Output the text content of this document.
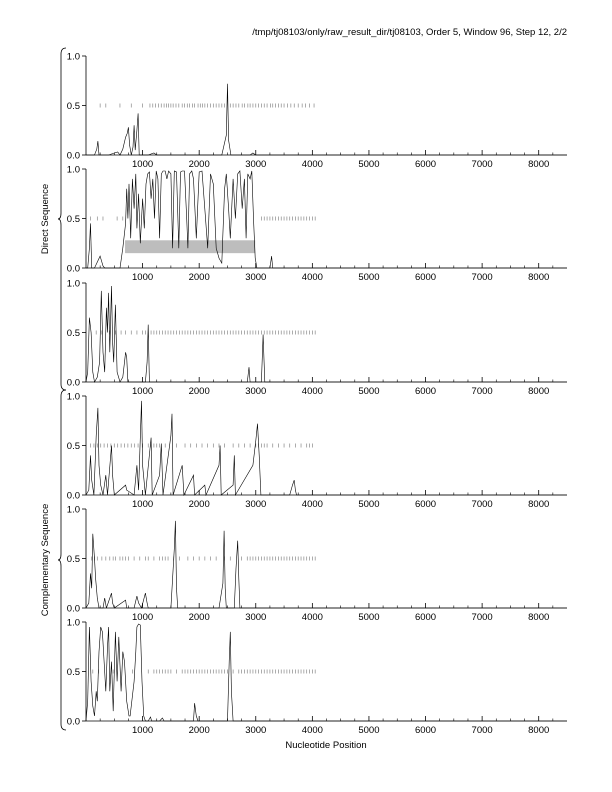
/tmp/tj08103/only/raw_result_dir/tj08103, Order 5, Window 96, Step 12, 2/2
0.0
0.5
1.0
1000	2000	3000	4000	5000	6000	7000	8000
0.0
0.5
1.0
1000	2000	3000	4000	5000	6000	7000	8000
0.0
0.5
1.0
1000	2000	3000	4000	5000	6000	7000	8000
0.0
0.5
1.0
1000	2000	3000	4000	5000	6000	7000	8000
0.0
0.5
1.0
1000	2000	3000	4000	5000	6000	7000	8000
0.0
0.5
1.0
1000	2000	3000	4000	5000	6000	7000	8000
Direct Sequence
Complementary Sequence
Nucleotide Position
